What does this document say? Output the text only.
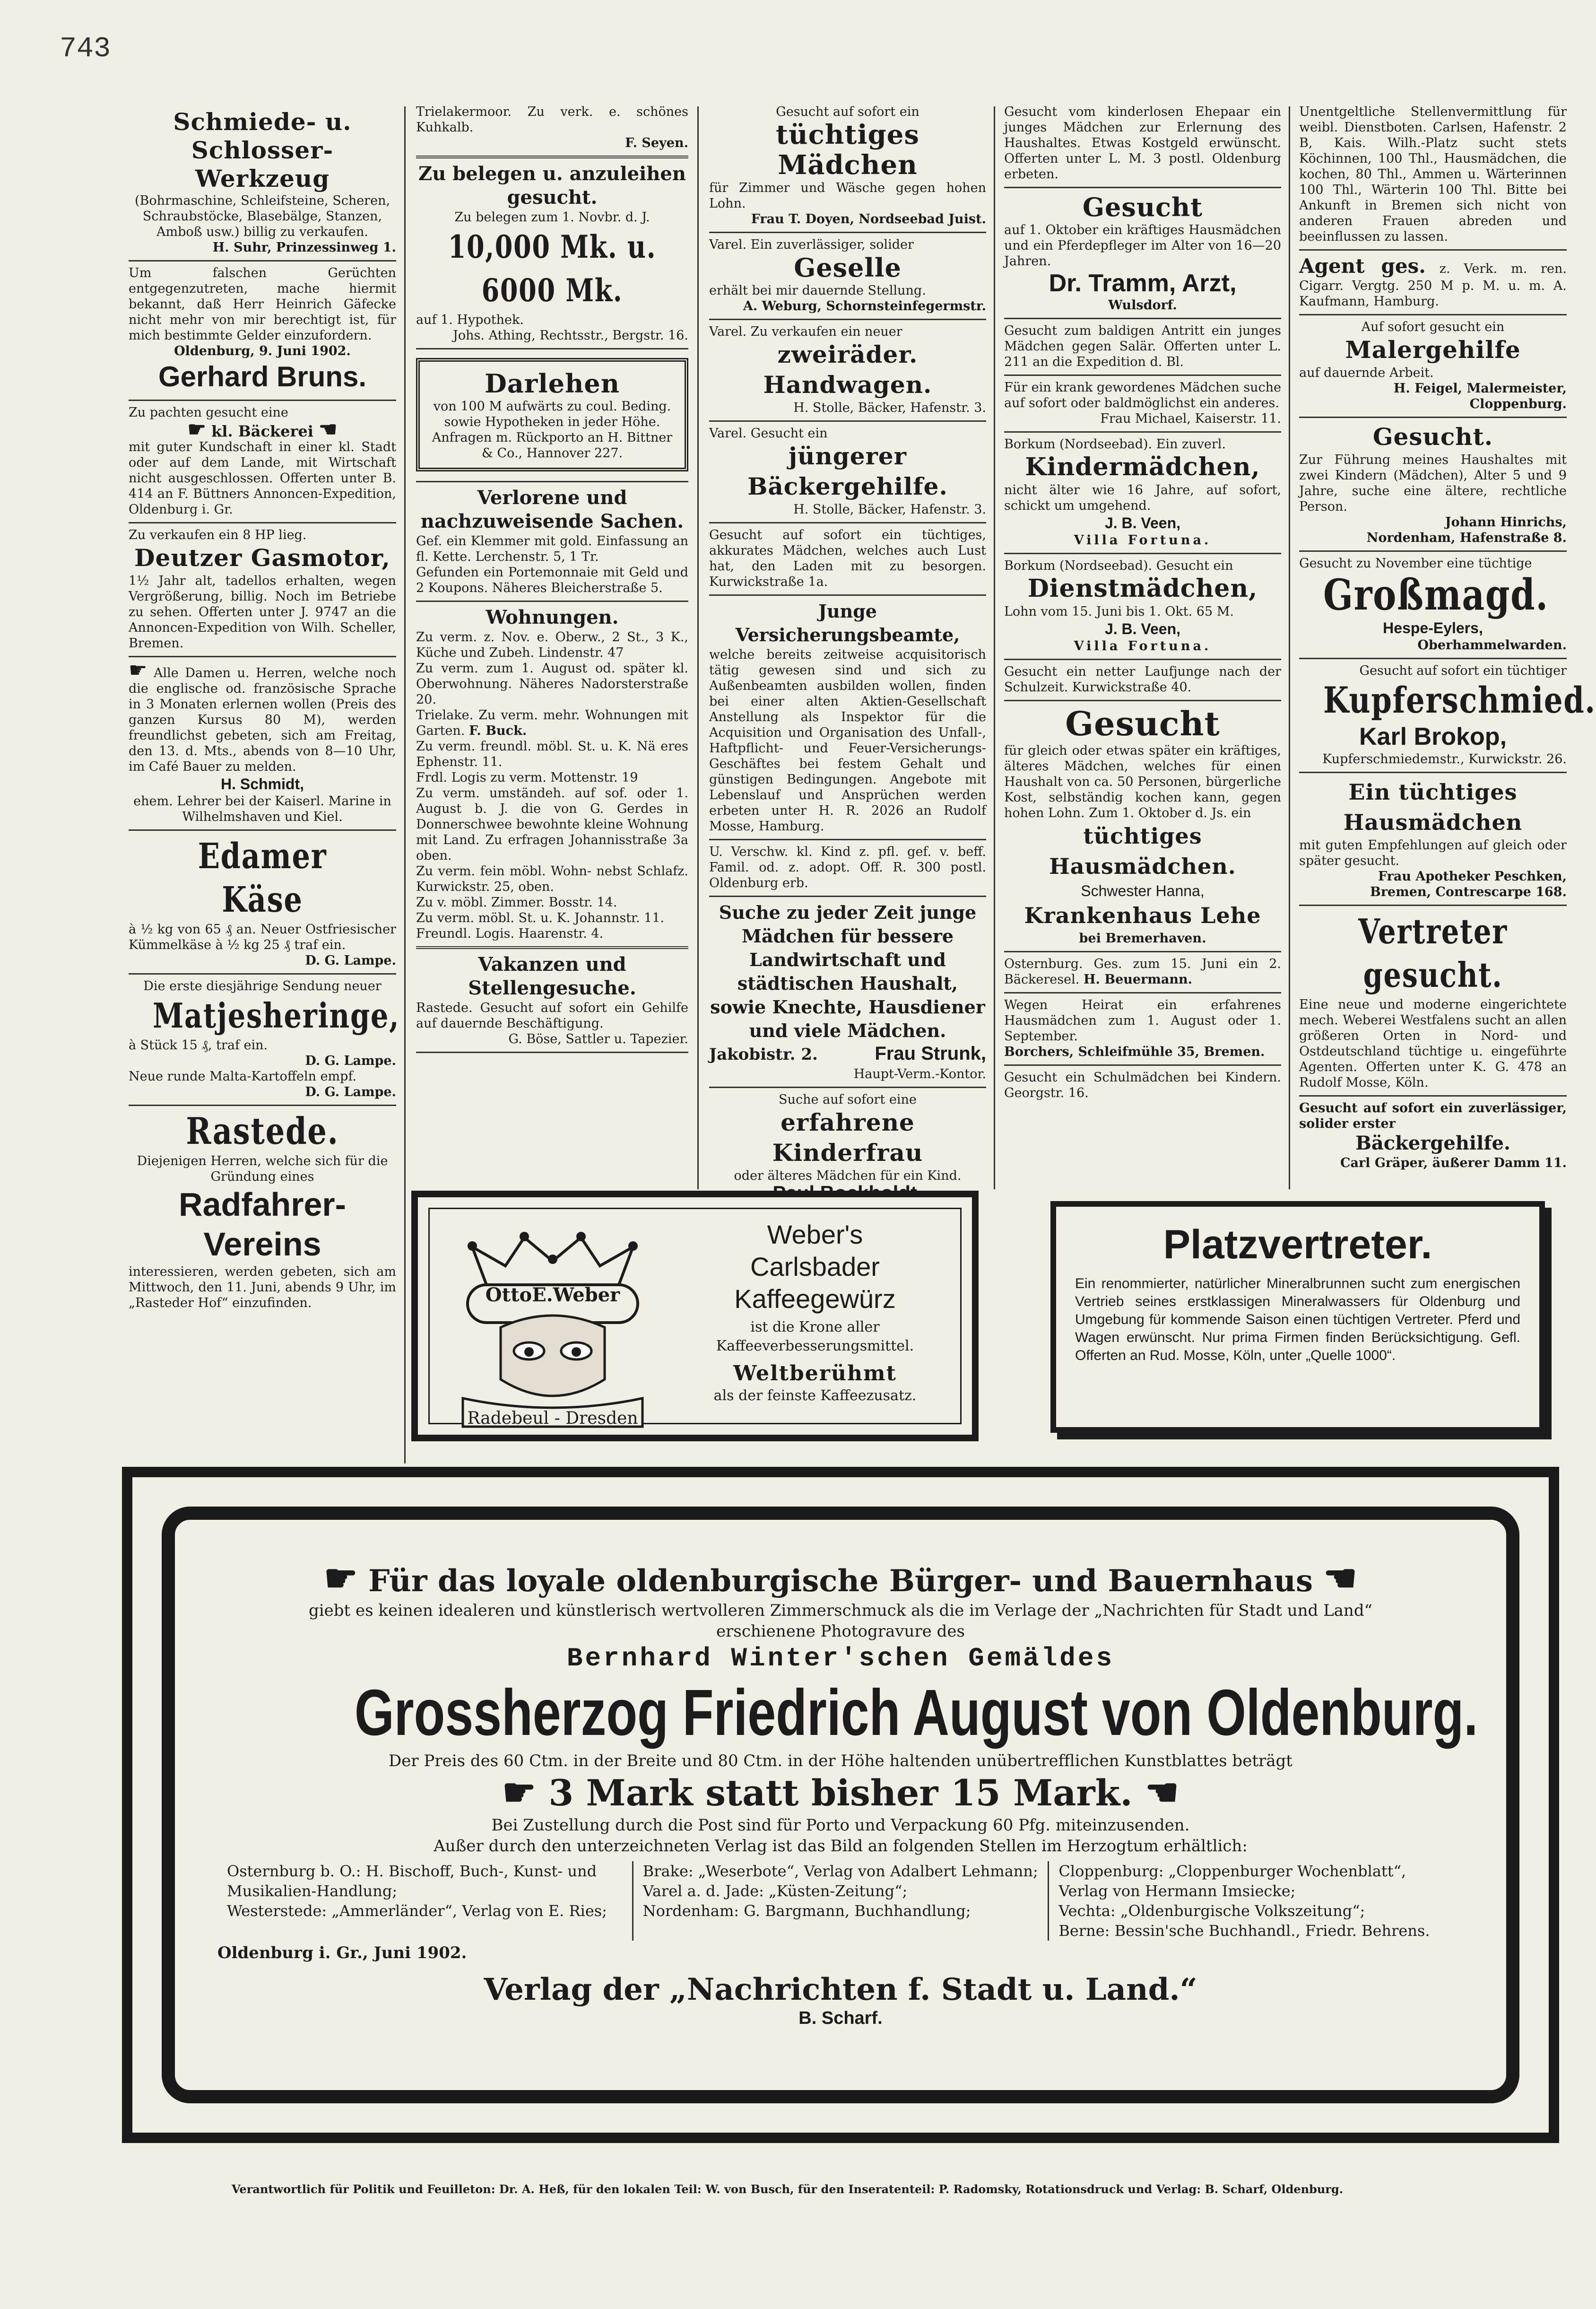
743
Schmiede- u. Schlosser-Werkzeug
(Bohrmaschine, Schleifsteine, Scheren, Schraubstöcke, Blasebälge, Stanzen, Amboß usw.) billig zu verkaufen.
H. Suhr, Prinzessinweg 1.
Um falschen Gerüchten entgegenzutreten, mache hiermit bekannt, daß Herr Heinrich Gäfecke nicht mehr von mir berechtigt ist, für mich bestimmte Gelder einzufordern.
Oldenburg, 9. Juni 1902.
Gerhard Bruns.
Zu pachten gesucht eine
☛ kl. Bäckerei ☚
mit guter Kundschaft in einer kl. Stadt oder auf dem Lande, mit Wirtschaft nicht ausgeschlossen. Offerten unter B. 414 an F. Büttners Annoncen-Expedition, Oldenburg i. Gr.
Zu verkaufen ein 8 HP lieg.
Deutzer Gasmotor,
1½ Jahr alt, tadellos erhalten, wegen Vergrößerung, billig. Noch im Betriebe zu sehen. Offerten unter J. 9747 an die Annoncen-Expedition von Wilh. Scheller, Bremen.
☛ Alle Damen u. Herren, welche noch die englische od. französische Sprache in 3 Monaten erlernen wollen (Preis des ganzen Kursus 80 M), werden freundlichst gebeten, sich am Freitag, den 13. d. Mts., abends von 8—10 Uhr, im Café Bauer zu melden.
H. Schmidt,
ehem. Lehrer bei der Kaiserl. Marine in Wilhelmshaven und Kiel.
Edamer Käse
à ½ kg von 65 ₰ an. Neuer Ostfriesischer Kümmelkäse à ½ kg 25 ₰ traf ein.
D. G. Lampe.
Die erste diesjährige Sendung neuer
Matjesheringe,
à Stück 15 ₰, traf ein.
D. G. Lampe.
Neue runde Malta-Kartoffeln empf.
D. G. Lampe.
Rastede.
Diejenigen Herren, welche sich für die Gründung eines
Radfahrer-Vereins
interessieren, werden gebeten, sich am Mittwoch, den 11. Juni, abends 9 Uhr, im „Rasteder Hof“ einzufinden.
Trielakermoor. Zu verk. e. schönes Kuhkalb.
F. Seyen.
Zu belegen u. anzuleihen gesucht.
Zu belegen zum 1. Novbr. d. J.
10,000 Mk. u. 6000 Mk.
auf 1. Hypothek.
Johs. Athing, Rechtsstr., Bergstr. 16.
Darlehen
von 100 M aufwärts zu coul. Beding. sowie Hypotheken in jeder Höhe. Anfragen m. Rückporto an H. Bittner & Co., Hannover 227.
Verlorene und nachzuweisende Sachen.
Gef. ein Klemmer mit gold. Einfassung an fl. Kette. Lerchenstr. 5, 1 Tr.
Gefunden ein Portemonnaie mit Geld und 2 Koupons. Näheres Bleicherstraße 5.
Wohnungen.
Zu verm. z. Nov. e. Oberw., 2 St., 3 K., Küche und Zubeh. Lindenstr. 47
Zu verm. zum 1. August od. später kl. Oberwohnung. Näheres Nadorsterstraße 20.
Trielake. Zu verm. mehr. Wohnungen mit Garten. F. Buck.
Zu verm. freundl. möbl. St. u. K. Nä eres Ephenstr. 11.
Frdl. Logis zu verm. Mottenstr. 19
Zu verm. umständeh. auf sof. oder 1. August b. J. die von G. Gerdes in Donnerschwee bewohnte kleine Wohnung mit Land. Zu erfragen Johannisstraße 3a oben.
Zu verm. fein möbl. Wohn- nebst Schlafz. Kurwickstr. 25, oben.
Zu v. möbl. Zimmer. Bosstr. 14.
Zu verm. möbl. St. u. K. Johannstr. 11.
Freundl. Logis. Haarenstr. 4.
Vakanzen und Stellengesuche.
Rastede. Gesucht auf sofort ein Gehilfe auf dauernde Beschäftigung.
G. Böse, Sattler u. Tapezier.
Gesucht auf sofort ein
tüchtiges Mädchen
für Zimmer und Wäsche gegen hohen Lohn.
Frau T. Doyen, Nordseebad Juist.
Varel. Ein zuverlässiger, solider
Geselle
erhält bei mir dauernde Stellung.
A. Weburg, Schornsteinfegermstr.
Varel. Zu verkaufen ein neuer
zweiräder. Handwagen.
H. Stolle, Bäcker, Hafenstr. 3.
Varel. Gesucht ein
jüngerer Bäckergehilfe.
H. Stolle, Bäcker, Hafenstr. 3.
Gesucht auf sofort ein tüchtiges, akkurates Mädchen, welches auch Lust hat, den Laden mit zu besorgen. Kurwickstraße 1a.
Junge Versicherungsbeamte,
welche bereits zeitweise acquisitorisch tätig gewesen sind und sich zu Außenbeamten ausbilden wollen, finden bei einer alten Aktien-Gesellschaft Anstellung als Inspektor für die Acquisition und Organisation des Unfall-, Haftpflicht- und Feuer-Versicherungs-Geschäftes bei festem Gehalt und günstigen Bedingungen. Angebote mit Lebenslauf und Ansprüchen werden erbeten unter H. R. 2026 an Rudolf Mosse, Hamburg.
U. Verschw. kl. Kind z. pfl. gef. v. beff. Famil. od. z. adopt. Off. R. 300 postl. Oldenburg erb.
Suche zu jeder Zeit junge Mädchen für bessere Landwirtschaft und städtischen Haushalt, sowie Knechte, Hausdiener und viele Mädchen.
Jakobistr. 2.	Frau Strunk,
Haupt-Verm.-Kontor.
Suche auf sofort eine
erfahrene Kinderfrau
oder älteres Mädchen für ein Kind.
Gesucht vom kinderlosen Ehepaar ein junges Mädchen zur Erlernung des Haushaltes. Etwas Kostgeld erwünscht. Offerten unter L. M. 3 postl. Oldenburg erbeten.
Gesucht
auf 1. Oktober ein kräftiges Hausmädchen und ein Pferdepfleger im Alter von 16—20 Jahren.
Dr. Tramm, Arzt,
Wulsdorf.
Gesucht zum baldigen Antritt ein junges Mädchen gegen Salär. Offerten unter L. 211 an die Expedition d. Bl.
Für ein krank gewordenes Mädchen suche auf sofort oder baldmöglichst ein anderes.
Frau Michael, Kaiserstr. 11.
Borkum (Nordseebad). Ein zuverl.
Kindermädchen,
nicht älter wie 16 Jahre, auf sofort, schickt um umgehend.
J. B. Veen,
Villa Fortuna.
Borkum (Nordseebad). Gesucht ein
Dienstmädchen,
Lohn vom 15. Juni bis 1. Okt. 65 M.
J. B. Veen,
Villa Fortuna.
Gesucht ein netter Laufjunge nach der Schulzeit. Kurwickstraße 40.
Gesucht
für gleich oder etwas später ein kräftiges, älteres Mädchen, welches für einen Haushalt von ca. 50 Personen, bürgerliche Kost, selbständig kochen kann, gegen hohen Lohn. Zum 1. Oktober d. Js. ein
tüchtiges Hausmädchen.
Schwester Hanna,
Krankenhaus Lehe
bei Bremerhaven.
Osternburg. Ges. zum 15. Juni ein 2. Bäckeresel. H. Beuermann.
Wegen Heirat ein erfahrenes Hausmädchen zum 1. August oder 1. September.
Borchers, Schleifmühle 35, Bremen.
Gesucht ein Schulmädchen bei Kindern. Georgstr. 16.
Unentgeltliche Stellenvermittlung für weibl. Dienstboten. Carlsen, Hafenstr. 2 B, Kais. Wilh.-Platz sucht stets Köchinnen, 100 Thl., Hausmädchen, die kochen, 80 Thl., Ammen u. Wärterinnen 100 Thl., Wärterin 100 Thl. Bitte bei Ankunft in Bremen sich nicht von anderen Frauen abreden und beeinflussen zu lassen.
Agent ges. z. Verk. m. ren. Cigarr. Vergtg. 250 M p. M. u. m. A. Kaufmann, Hamburg.
Auf sofort gesucht ein
Malergehilfe
auf dauernde Arbeit.
H. Feigel, Malermeister,
Cloppenburg.
Gesucht.
Zur Führung meines Haushaltes mit zwei Kindern (Mädchen), Alter 5 und 9 Jahre, suche eine ältere, rechtliche Person.
Johann Hinrichs,
Nordenham, Hafenstraße 8.
Gesucht zu November eine tüchtige
Großmagd.
Hespe-Eylers,
Oberhammelwarden.
Gesucht auf sofort ein tüchtiger
Kupferschmied.
Karl Brokop,
Kupferschmiedemstr., Kurwickstr. 26.
Ein tüchtiges Hausmädchen
mit guten Empfehlungen auf gleich oder später gesucht.
Frau Apotheker Peschken,
Bremen, Contrescarpe 168.
Vertreter gesucht.
Eine neue und moderne eingerichtete mech. Weberei Westfalens sucht an allen größeren Orten in Nord- und Ostdeutschland tüchtige u. eingeführte Agenten. Offerten unter K. G. 478 an Rudolf Mosse, Köln.
Gesucht auf sofort ein zuverlässiger, solider erster
Bäckergehilfe.
Carl Gräper, äußerer Damm 11.
OttoE.Weber
Radebeul - Dresden
Weber's
Carlsbader
Kaffeegewürz
ist die Krone aller Kaffeeverbesserungsmittel.
Weltberühmt
als der feinste Kaffeezusatz.
Platzvertreter.
Ein renommierter, natürlicher Mineralbrunnen sucht zum energischen Vertrieb seines erstklassigen Mineralwassers für Oldenburg und Umgebung für kommende Saison einen tüchtigen Vertreter. Pferd und Wagen erwünscht. Nur prima Firmen finden Berücksichtigung. Gefl. Offerten an Rud. Mosse, Köln, unter „Quelle 1000“.
☛ Für das loyale oldenburgische Bürger- und Bauernhaus ☚
giebt es keinen idealeren und künstlerisch wertvolleren Zimmerschmuck als die im Verlage der „Nachrichten für Stadt und Land“
erschienene Photogravure des
Bernhard Winter'schen Gemäldes
Grossherzog Friedrich August von Oldenburg.
Der Preis des 60 Ctm. in der Breite und 80 Ctm. in der Höhe haltenden unübertrefflichen Kunstblattes beträgt
☛ 3 Mark statt bisher 15 Mark. ☚
Bei Zustellung durch die Post sind für Porto und Verpackung 60 Pfg. miteinzusenden.
Außer durch den unterzeichneten Verlag ist das Bild an folgenden Stellen im Herzogtum erhältlich:
Osternburg b. O.: H. Bischoff, Buch-, Kunst- und Musikalien-Handlung;
Westerstede: „Ammerländer“, Verlag von E. Ries;
Brake: „Weserbote“, Verlag von Adalbert Lehmann;
Varel a. d. Jade: „Küsten-Zeitung“;
Nordenham: G. Bargmann, Buchhandlung;
Cloppenburg: „Cloppenburger Wochenblatt“, Verlag von Hermann Imsiecke;
Vechta: „Oldenburgische Volkszeitung“;
Berne: Bessin'sche Buchhandl., Friedr. Behrens.
Oldenburg i. Gr., Juni 1902.
Verlag der „Nachrichten f. Stadt u. Land.“
B. Scharf.
Verantwortlich für Politik und Feuilleton: Dr. A. Heß, für den lokalen Teil: W. von Busch, für den Inseratenteil: P. Radomsky, Rotationsdruck und Verlag: B. Scharf, Oldenburg.
